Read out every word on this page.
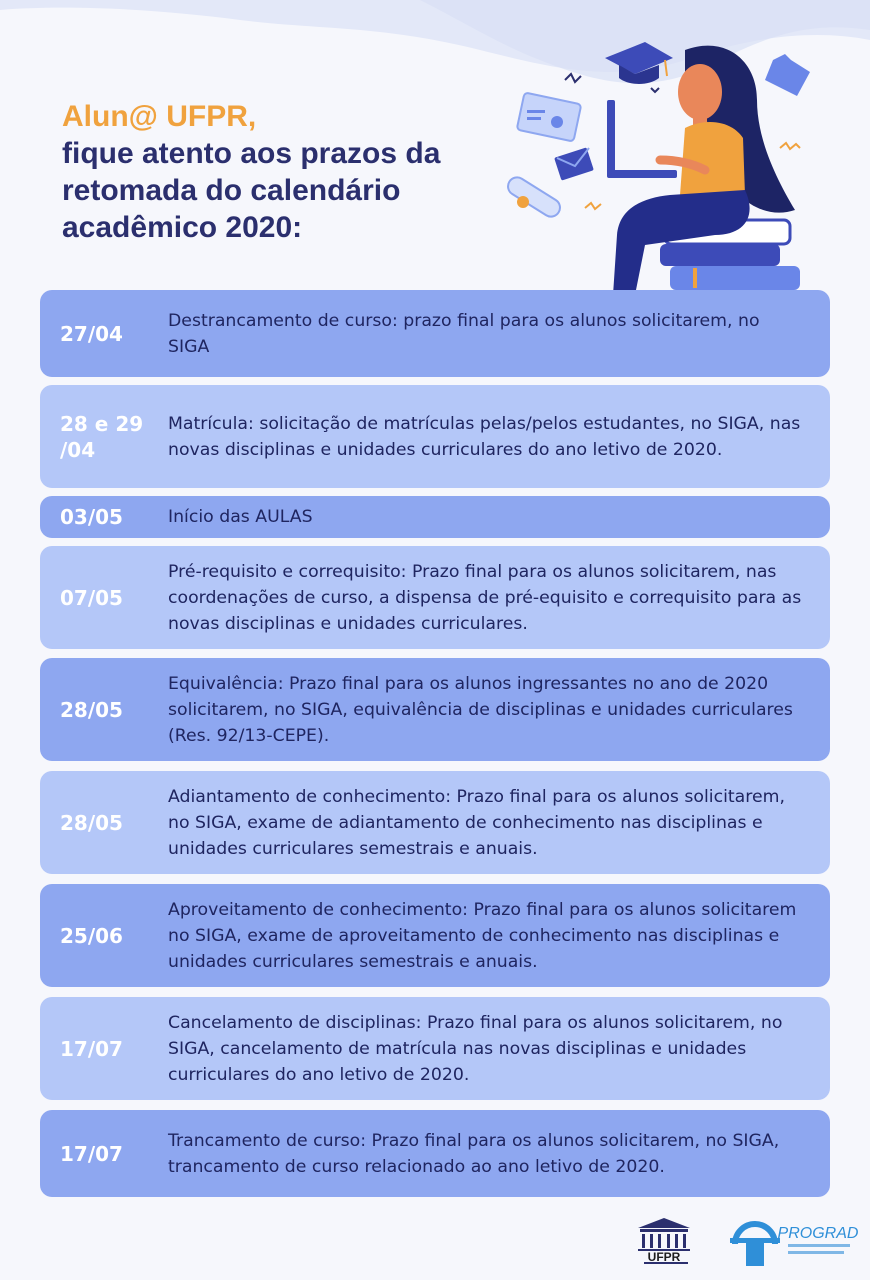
Alun@ UFPR,
fique atento aos prazos da
retomada do calendário
acadêmico 2020:
27/04
Destrancamento de curso: prazo final para os alunos solicitarem, no SIGA
28 e 29 /04
Matrícula: solicitação de matrículas pelas/pelos estudantes, no SIGA, nas novas disciplinas e unidades curriculares do ano letivo de 2020.
03/05	Início das AULAS
07/05
Pré-requisito e correquisito: Prazo final para os alunos solicitarem, nas coordenações de curso, a dispensa de pré-equisito e correquisito para as novas disciplinas e unidades curriculares.
28/05
Equivalência: Prazo final para os alunos ingressantes no ano de 2020 solicitarem, no SIGA, equivalência de disciplinas e unidades curriculares (Res. 92/13-CEPE).
28/05
Adiantamento de conhecimento: Prazo final para os alunos solicitarem, no SIGA, exame de adiantamento de conhecimento nas disciplinas e unidades curriculares semestrais e anuais.
25/06
Aproveitamento de conhecimento: Prazo final para os alunos solicitarem no SIGA, exame de aproveitamento de conhecimento nas disciplinas e unidades curriculares semestrais e anuais.
17/07
Cancelamento de disciplinas: Prazo final para os alunos solicitarem, no SIGA, cancelamento de matrícula nas novas disciplinas e unidades curriculares do ano letivo de 2020.
17/07
Trancamento de curso: Prazo final para os alunos solicitarem, no SIGA, trancamento de curso relacionado ao ano letivo de 2020.
UFPR
PROGRAD
